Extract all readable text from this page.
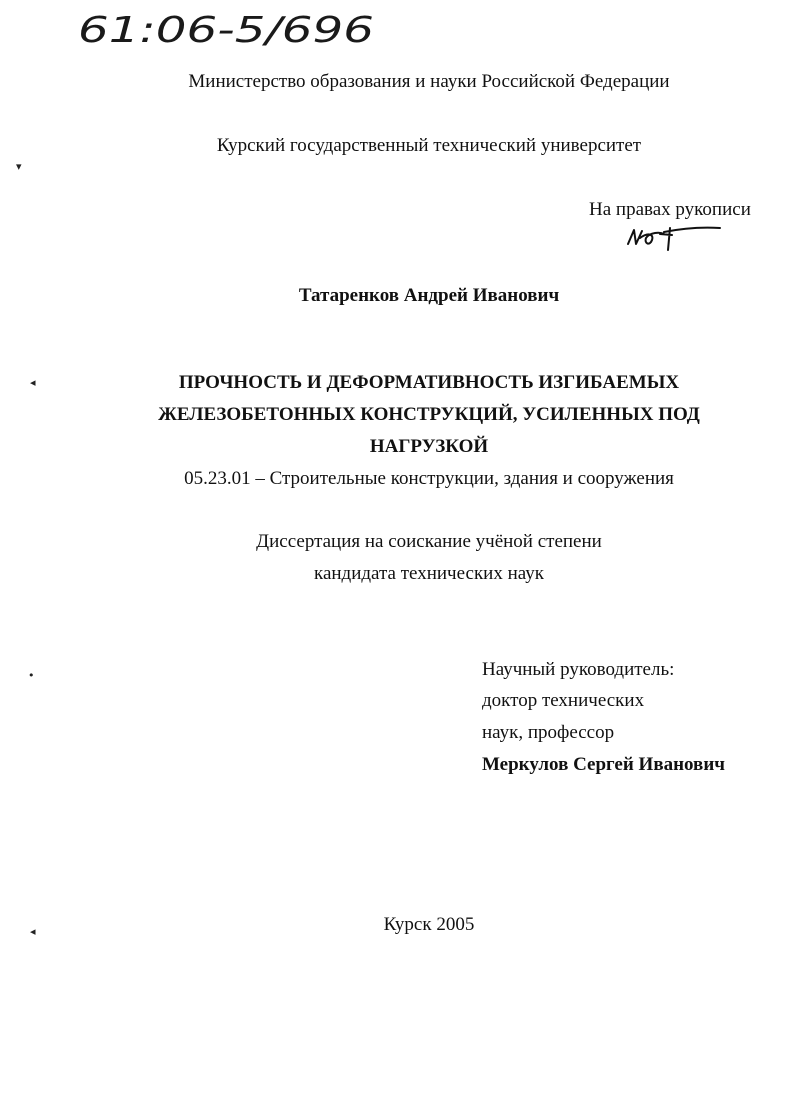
61:06-5/696
Министерство образования и науки Российской Федерации
Курский государственный технический университет
На правах рукописи
Татаренков Андрей Иванович
ПРОЧНОСТЬ И ДЕФОРМАТИВНОСТЬ ИЗГИБАЕМЫХ
ЖЕЛЕЗОБЕТОННЫХ КОНСТРУКЦИЙ, УСИЛЕННЫХ ПОД
НАГРУЗКОЙ
05.23.01 – Строительные конструкции, здания и сооружения
Диссертация на соискание учёной степени
кандидата технических наук
Научный руководитель:
доктор технических
наук, профессор
Меркулов Сергей Иванович
Курск 2005
▾
◂
•
◂
